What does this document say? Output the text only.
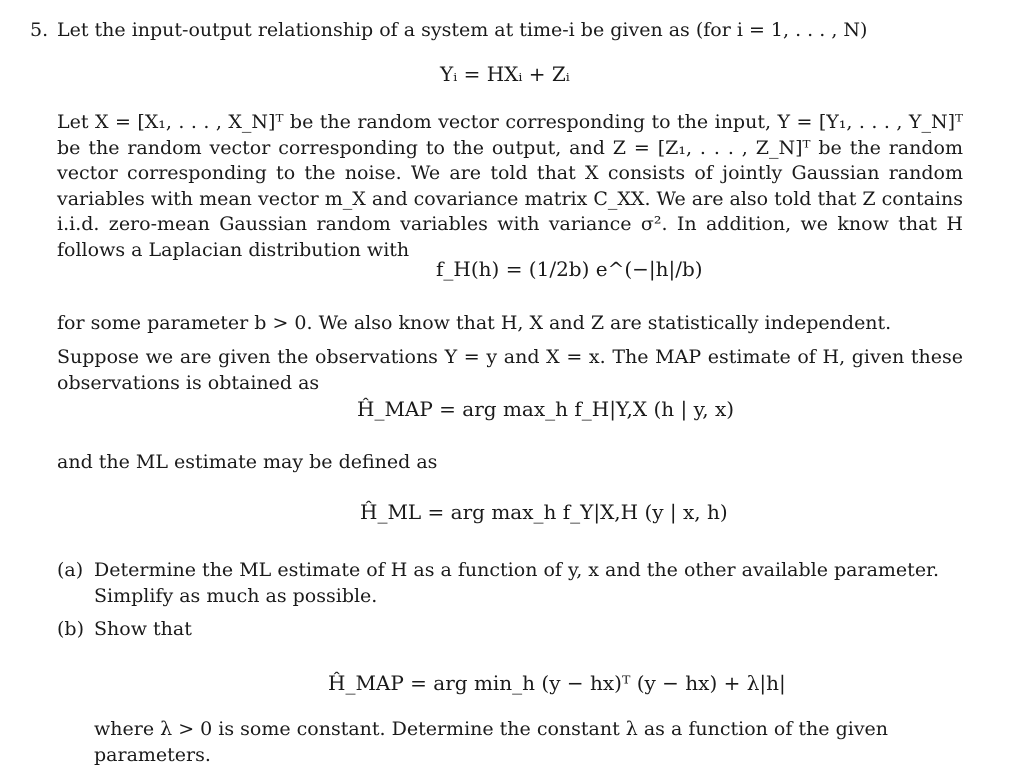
5. Let the input-output relationship of a system at time-i be given as (for i = 1, . . . , N)
Yᵢ = HXᵢ + Zᵢ
Let X = [X₁, . . . , X_N]ᵀ be the random vector corresponding to the input, Y = [Y₁, . . . , Y_N]ᵀ be the random vector corresponding to the output, and Z = [Z₁, . . . , Z_N]ᵀ be the random vector corresponding to the noise. We are told that X consists of jointly Gaussian random variables with mean vector m_X and covariance matrix C_XX. We are also told that Z contains i.i.d. zero-mean Gaussian random variables with variance σ². In addition, we know that H follows a Laplacian distribution with
f_H(h) = (1/2b) e^(−|h|/b)
for some parameter b > 0. We also know that H, X and Z are statistically independent.
Suppose we are given the observations Y = y and X = x. The MAP estimate of H, given these observations is obtained as
Ĥ_MAP = arg max_h f_H|Y,X (h | y, x)
and the ML estimate may be defined as
Ĥ_ML = arg max_h f_Y|X,H (y | x, h)
(a) Determine the ML estimate of H as a function of y, x and the other available parameter. Simplify as much as possible.
(b) Show that
Ĥ_MAP = arg min_h (y − hx)ᵀ (y − hx) + λ|h|
where λ > 0 is some constant. Determine the constant λ as a function of the given parameters.
